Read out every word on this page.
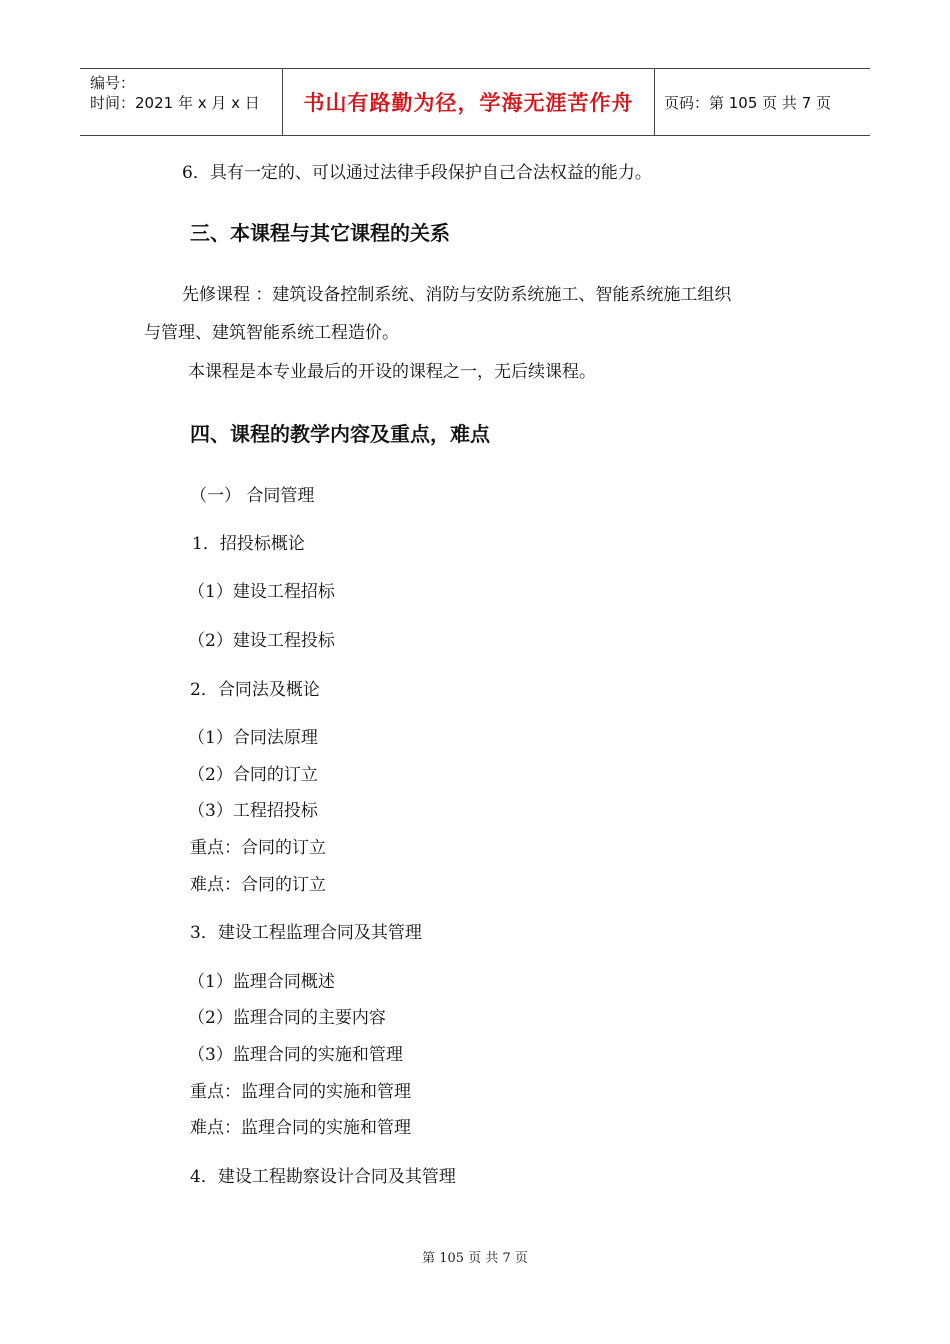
编号：
时间：2021 年 x 月 x 日	书山有路勤为径，学海无涯苦作舟	页码：第 105 页 共 7 页
6．具有一定的、可以通过法律手段保护自己合法权益的能力。
三、本课程与其它课程的关系
先修课程 ：建筑设备控制系统、消防与安防系统施工、智能系统施工组织
与管理、建筑智能系统工程造价。
本课程是本专业最后的开设的课程之一，无后续课程。
四、课程的教学内容及重点，难点
（一） 合同管理
1．招投标概论
（1）建设工程招标
（2）建设工程投标
2．合同法及概论
（1）合同法原理
（2）合同的订立
（3）工程招投标
重点：合同的订立
难点：合同的订立
3．建设工程监理合同及其管理
（1）监理合同概述
（2）监理合同的主要内容
（3）监理合同的实施和管理
重点：监理合同的实施和管理
难点：监理合同的实施和管理
4．建设工程勘察设计合同及其管理
第 105 页 共 7 页
